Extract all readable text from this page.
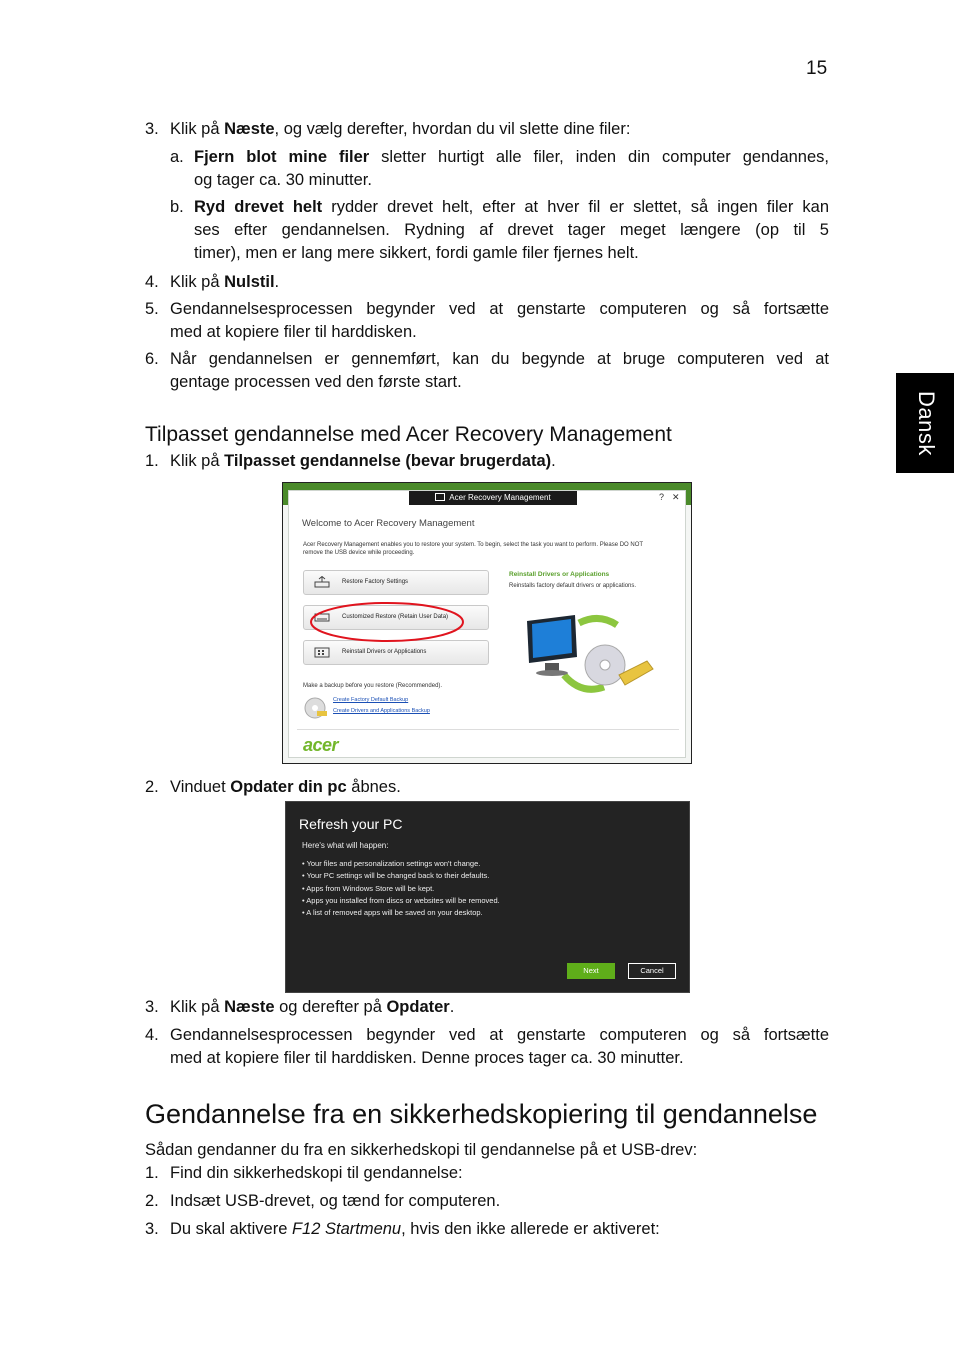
15
Dansk
3. Klik på Næste, og vælg derefter, hvordan du vil slette dine filer:
a. Fjern blot mine filer sletter hurtigt alle filer, inden din computer gendannes,
og tager ca. 30 minutter.
b. Ryd drevet helt rydder drevet helt, efter at hver fil er slettet, så ingen filer kan
ses efter gendannelsen. Rydning af drevet tager meget længere (op til 5
timer), men er lang mere sikkert, fordi gamle filer fjernes helt.
4. Klik på Nulstil.
5. Gendannelsesprocessen begynder ved at genstarte computeren og så fortsætte
med at kopiere filer til harddisken.
6. Når gendannelsen er gennemført, kan du begynde at bruge computeren ved at
gentage processen ved den første start.
Tilpasset gendannelse med Acer Recovery Management
1. Klik på Tilpasset gendannelse (bevar brugerdata).
Acer Recovery Management	? ✕
Welcome to Acer Recovery Management
Acer Recovery Management enables you to restore your system. To begin, select the task you want to perform. Please DO NOT
remove the USB device while proceeding.
Restore Factory Settings
Customized Restore (Retain User Data)
Reinstall Drivers or Applications
Reinstall Drivers or Applications
Reinstalls factory default drivers or applications.
Make a backup before you restore (Recommended).
Create Factory Default Backup
Create Drivers and Applications Backup
acer
2. Vinduet Opdater din pc åbnes.
Refresh your PC
Here's what will happen:
• Your files and personalization settings won't change.
• Your PC settings will be changed back to their defaults.
• Apps from Windows Store will be kept.
• Apps you installed from discs or websites will be removed.
• A list of removed apps will be saved on your desktop.
Next	Cancel
3. Klik på Næste og derefter på Opdater.
4. Gendannelsesprocessen begynder ved at genstarte computeren og så fortsætte
med at kopiere filer til harddisken. Denne proces tager ca. 30 minutter.
Gendannelse fra en sikkerhedskopiering til gendannelse
Sådan gendanner du fra en sikkerhedskopi til gendannelse på et USB-drev:
1. Find din sikkerhedskopi til gendannelse:
2. Indsæt USB-drevet, og tænd for computeren.
3. Du skal aktivere F12 Startmenu, hvis den ikke allerede er aktiveret:
